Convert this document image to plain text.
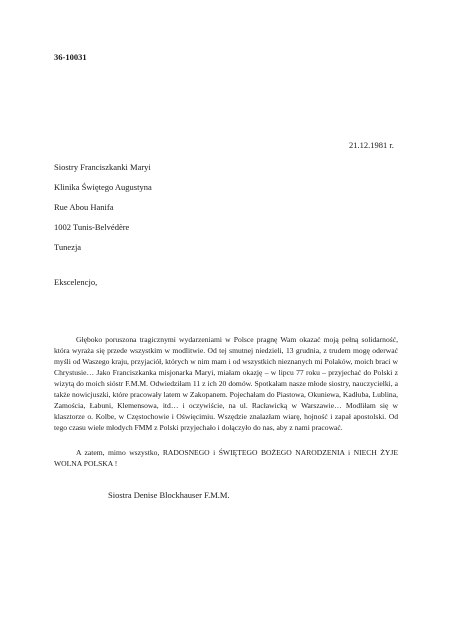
36-10031
21.12.1981 r.
Siostry Franciszkanki Maryi
Klinika Świętego Augustyna
Rue Abou Hanifa
1002 Tunis-Belvédère
Tunezja
Ekscelencjo,

Głęboko poruszona tragicznymi wydarzeniami w Polsce pragnę Wam okazać moją pełną solidarność, która wyraża się przede wszystkim w modlitwie. Od tej smutnej niedzieli, 13 grudnia, z trudem mogę oderwać myśli od Waszego kraju, przyjaciół, których w nim mam i od wszystkich nieznanych mi Polaków, moich braci w Chrystusie… Jako Franciszkanka misjonarka Maryi, miałam okazję – w lipcu 77 roku – przyjechać do Polski z wizytą do moich sióstr F.M.M. Odwiedziłam 11 z ich 20 domów. Spotkałam nasze młode siostry, nauczycielki, a także nowicjuszki, które pracowały latem w Zakopanem. Pojechałam do Piastowa, Okuniewa, Kadłuba, Lublina, Zamościa, Łabuni, Klemensowa, itd… i oczywiście, na ul. Racławicką w Warszawie… Modliłam się w klasztorze o. Kolbe, w Częstochowie i Oświęcimiu. Wszędzie znalazłam wiarę, hojność i zapał apostolski. Od tego czasu wiele młodych FMM z Polski przyjechało i dołączyło do nas, aby z nami pracować.

A zatem, mimo wszystko, RADOSNEGO i ŚWIĘTEGO BOŻEGO NARODZENIA i NIECH ŻYJE WOLNA POLSKA !

Siostra Denise Blockhauser F.M.M.
